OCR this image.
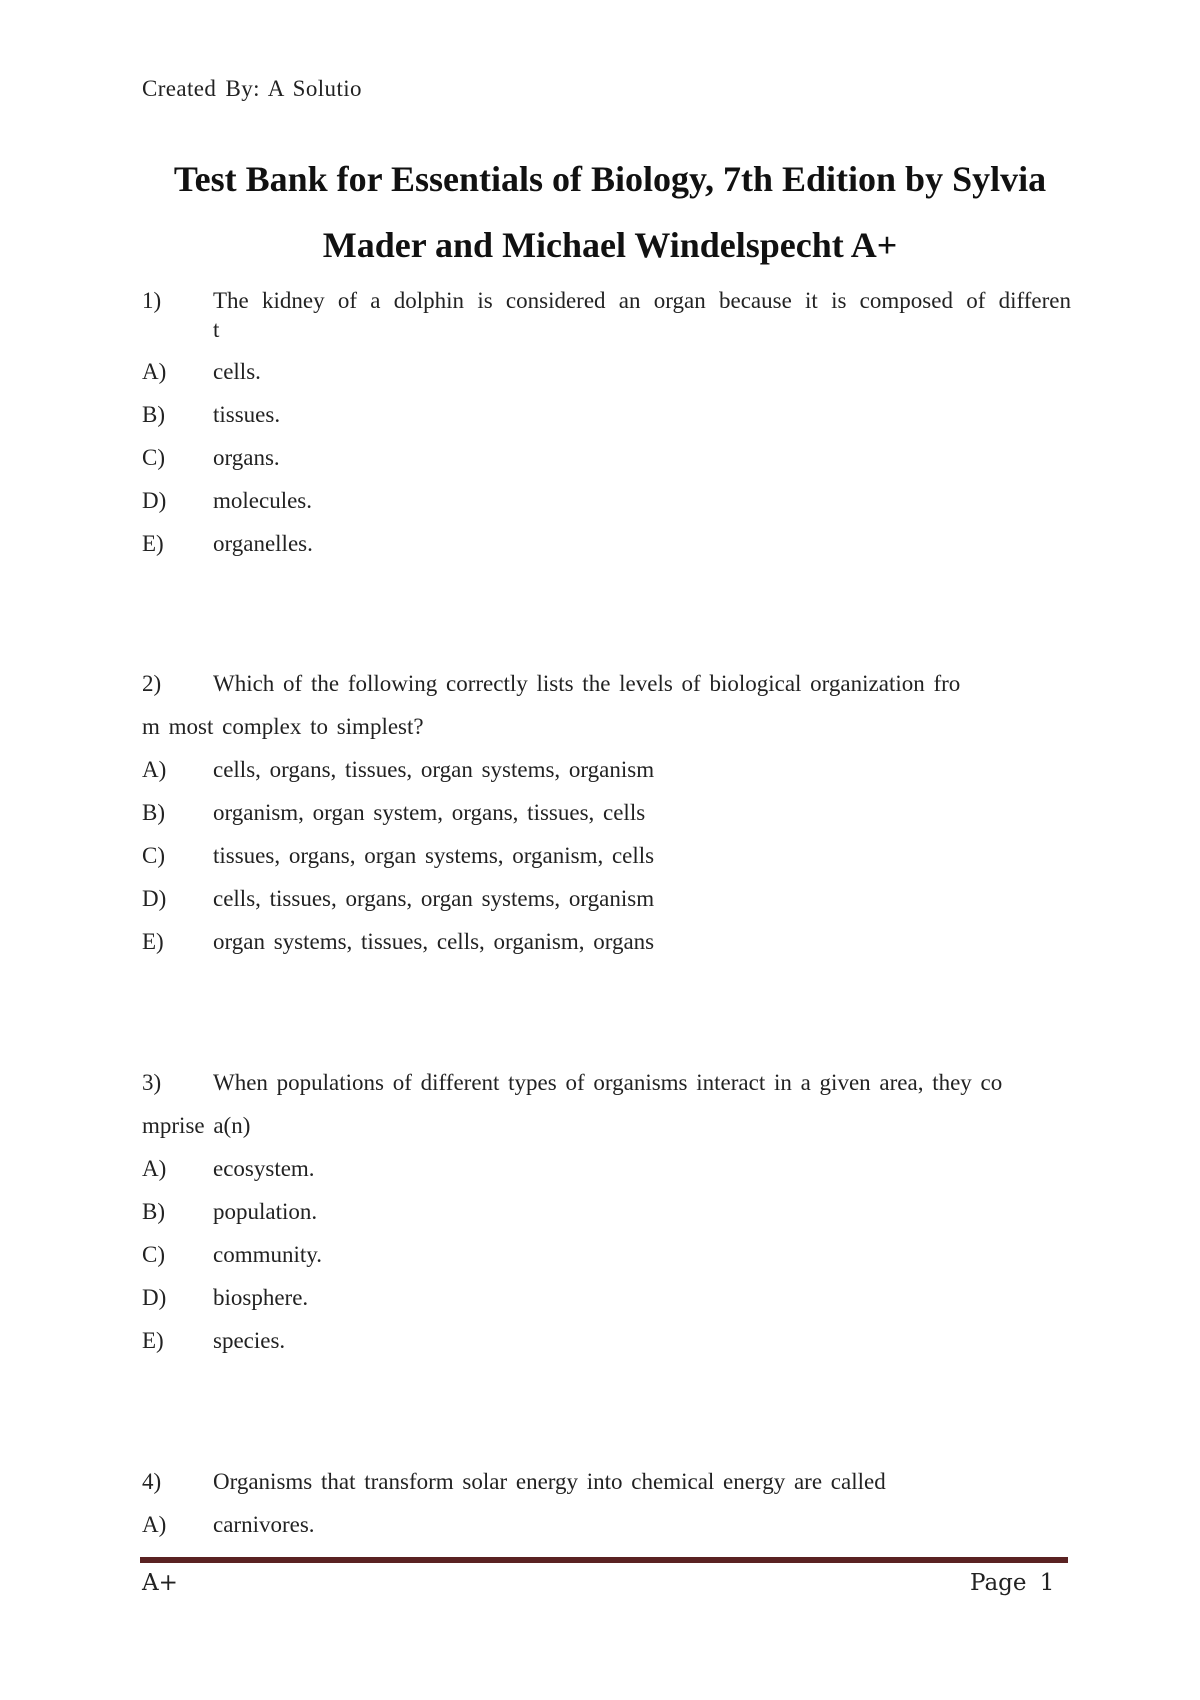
Created By: A Solutio
Test Bank for Essentials of Biology, 7th Edition by Sylvia
Mader and Michael Windelspecht A+
1) The kidney of a dolphin is considered an organ because it is composed of differen
t
A) cells.
B) tissues.
C) organs.
D) molecules.
E) organelles.
2) Which of the following correctly lists the levels of biological organization fro
m most complex to simplest?
A) cells, organs, tissues, organ systems, organism
B) organism, organ system, organs, tissues, cells
C) tissues, organs, organ systems, organism, cells
D) cells, tissues, organs, organ systems, organism
E) organ systems, tissues, cells, organism, organs
3) When populations of different types of organisms interact in a given area, they co
mprise a(n)
A) ecosystem.
B) population.
C) community.
D) biosphere.
E) species.
4) Organisms that transform solar energy into chemical energy are called
A) carnivores.
A+	Page 1
